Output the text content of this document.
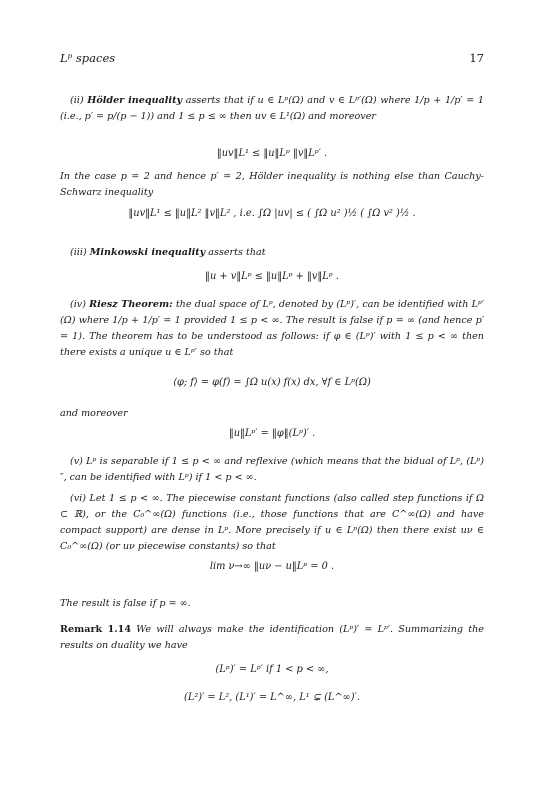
Lᵖ spaces	17
(ii) Hölder inequality asserts that if u ∈ Lᵖ(Ω) and v ∈ Lᵖ′(Ω) where 1/p + 1/p′ = 1 (i.e., p′ = p/(p − 1)) and 1 ≤ p ≤ ∞ then uv ∈ L¹(Ω) and moreover
‖uv‖L¹ ≤ ‖u‖Lᵖ ‖v‖Lᵖ′ .
In the case p = 2 and hence p′ = 2, Hölder inequality is nothing else than Cauchy-Schwarz inequality
‖uv‖L¹ ≤ ‖u‖L² ‖v‖L² , i.e. ∫Ω |uv| ≤ ( ∫Ω u² )½ ( ∫Ω v² )½ .
(iii) Minkowski inequality asserts that
‖u + v‖Lᵖ ≤ ‖u‖Lᵖ + ‖v‖Lᵖ .
(iv) Riesz Theorem: the dual space of Lᵖ, denoted by (Lᵖ)′, can be identified with Lᵖ′(Ω) where 1/p + 1/p′ = 1 provided 1 ≤ p < ∞. The result is false if p = ∞ (and hence p′ = 1). The theorem has to be understood as follows: if φ ∈ (Lᵖ)′ with 1 ≤ p < ∞ then there exists a unique u ∈ Lᵖ′ so that
⟨φ; f⟩ = φ(f) = ∫Ω u(x) f(x) dx, ∀f ∈ Lᵖ(Ω)
and moreover
‖u‖Lᵖ′ = ‖φ‖(Lᵖ)′ .
(v) Lᵖ is separable if 1 ≤ p < ∞ and reflexive (which means that the bidual of Lᵖ, (Lᵖ)″, can be identified with Lᵖ) if 1 < p < ∞.
(vi) Let 1 ≤ p < ∞. The piecewise constant functions (also called step functions if Ω ⊂ ℝ), or the C₀^∞(Ω) functions (i.e., those functions that are C^∞(Ω) and have compact support) are dense in Lᵖ. More precisely if u ∈ Lᵖ(Ω) then there exist uν ∈ C₀^∞(Ω) (or uν piecewise constants) so that
lim ν→∞ ‖uν − u‖Lᵖ = 0 .
The result is false if p = ∞.
Remark 1.14 We will always make the identification (Lᵖ)′ = Lᵖ′. Summarizing the results on duality we have
(Lᵖ)′ = Lᵖ′ if 1 < p < ∞,
(L²)′ = L², (L¹)′ = L^∞, L¹ ⊊ (L^∞)′.
